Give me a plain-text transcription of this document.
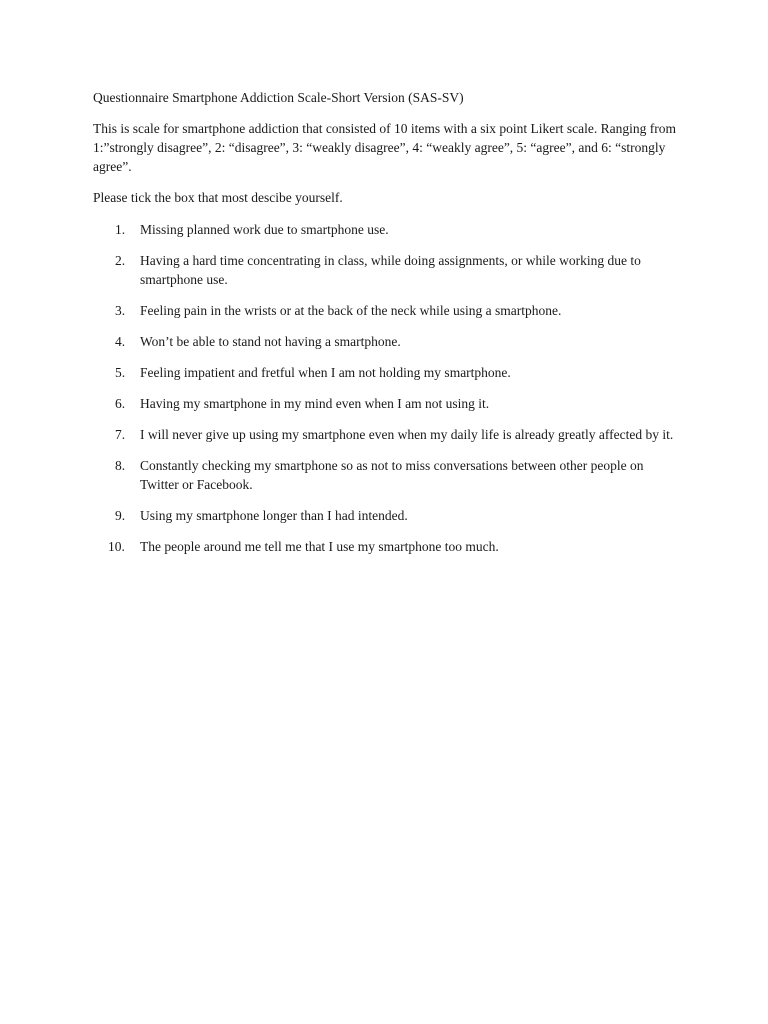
Questionnaire Smartphone Addiction Scale-Short Version (SAS-SV)

This is scale for smartphone addiction that consisted of 10 items with a six point Likert scale. Ranging from 1:”strongly disagree”, 2: “disagree”, 3: “weakly disagree”, 4: “weakly agree”, 5: “agree”, and 6: “strongly agree”.

Please tick the box that most descibe yourself.

1. Missing planned work due to smartphone use.
2. Having a hard time concentrating in class, while doing assignments, or while working due to smartphone use.
3. Feeling pain in the wrists or at the back of the neck while using a smartphone.
4. Won’t be able to stand not having a smartphone.
5. Feeling impatient and fretful when I am not holding my smartphone.
6. Having my smartphone in my mind even when I am not using it.
7. I will never give up using my smartphone even when my daily life is already greatly affected by it.
8. Constantly checking my smartphone so as not to miss conversations between other people on Twitter or Facebook.
9. Using my smartphone longer than I had intended.
10. The people around me tell me that I use my smartphone too much.
